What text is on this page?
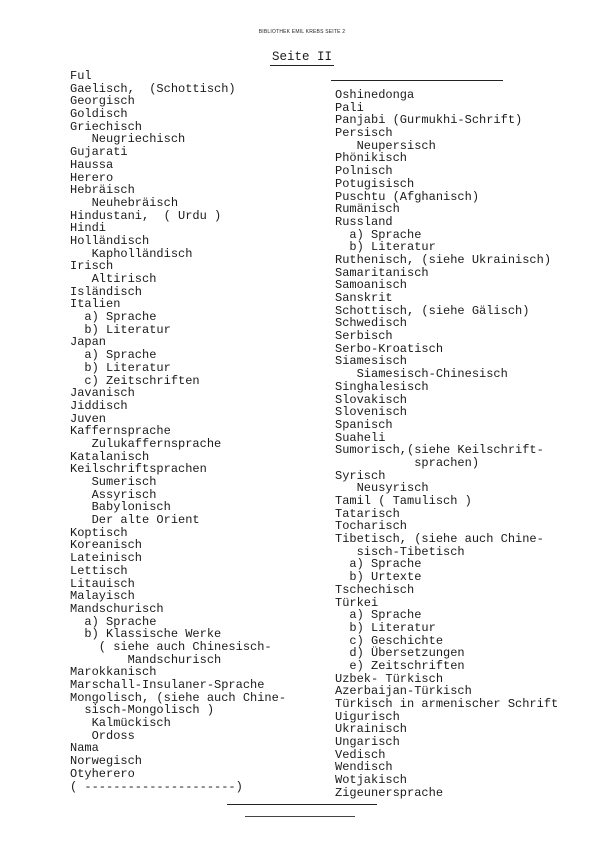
BIBLIOTHEK EMIL KREBS SEITE 2
Seite II
Ful
Gaelisch,  (Schottisch)
Georgisch
Goldisch
Griechisch
Neugriechisch
Gujarati
Haussa
Herero
Hebräisch
Neuhebräisch
Hindustani,  ( Urdu )
Hindi
Holländisch
Kapholländisch
Irisch
Altirisch
Isländisch
Italien
a) Sprache
b) Literatur
Japan
a) Sprache
b) Literatur
c) Zeitschriften
Javanisch
Jiddisch
Juven
Kaffernsprache
Zulukaffernsprache
Katalanisch
Keilschriftsprachen
Sumerisch
Assyrisch
Babylonisch
Der alte Orient
Koptisch
Koreanisch
Lateinisch
Lettisch
Litauisch
Malayisch
Mandschurisch
a) Sprache
b) Klassische Werke
( siehe auch Chinesisch-
Mandschurisch
Marokkanisch
Marschall-Insulaner-Sprache
Mongolisch, (siehe auch Chine-
sisch-Mongolisch )
Kalmückisch
Ordoss
Nama
Norwegisch
Otyherero
( ---------------------)
Oshinedonga
Pali
Panjabi (Gurmukhi-Schrift)
Persisch
Neupersisch
Phönikisch
Polnisch
Potugisisch
Puschtu (Afghanisch)
Rumänisch
Russland
a) Sprache
b) Literatur
Ruthenisch, (siehe Ukrainisch)
Samaritanisch
Samoanisch
Sanskrit
Schottisch, (siehe Gälisch)
Schwedisch
Serbisch
Serbo-Kroatisch
Siamesisch
Siamesisch-Chinesisch
Singhalesisch
Slovakisch
Slovenisch
Spanisch
Suaheli
Sumorisch,(siehe Keilschrift-
sprachen)
Syrisch
Neusyrisch
Tamil ( Tamulisch )
Tatarisch
Tocharisch
Tibetisch, (siehe auch Chine-
sisch-Tibetisch
a) Sprache
b) Urtexte
Tschechisch
Türkei
a) Sprache
b) Literatur
c) Geschichte
d) Übersetzungen
e) Zeitschriften
Uzbek- Türkisch
Azerbaijan-Türkisch
Türkisch in armenischer Schrift
Uigurisch
Ukrainisch
Ungarisch
Vedisch
Wendisch
Wotjakisch
Zigeunersprache
